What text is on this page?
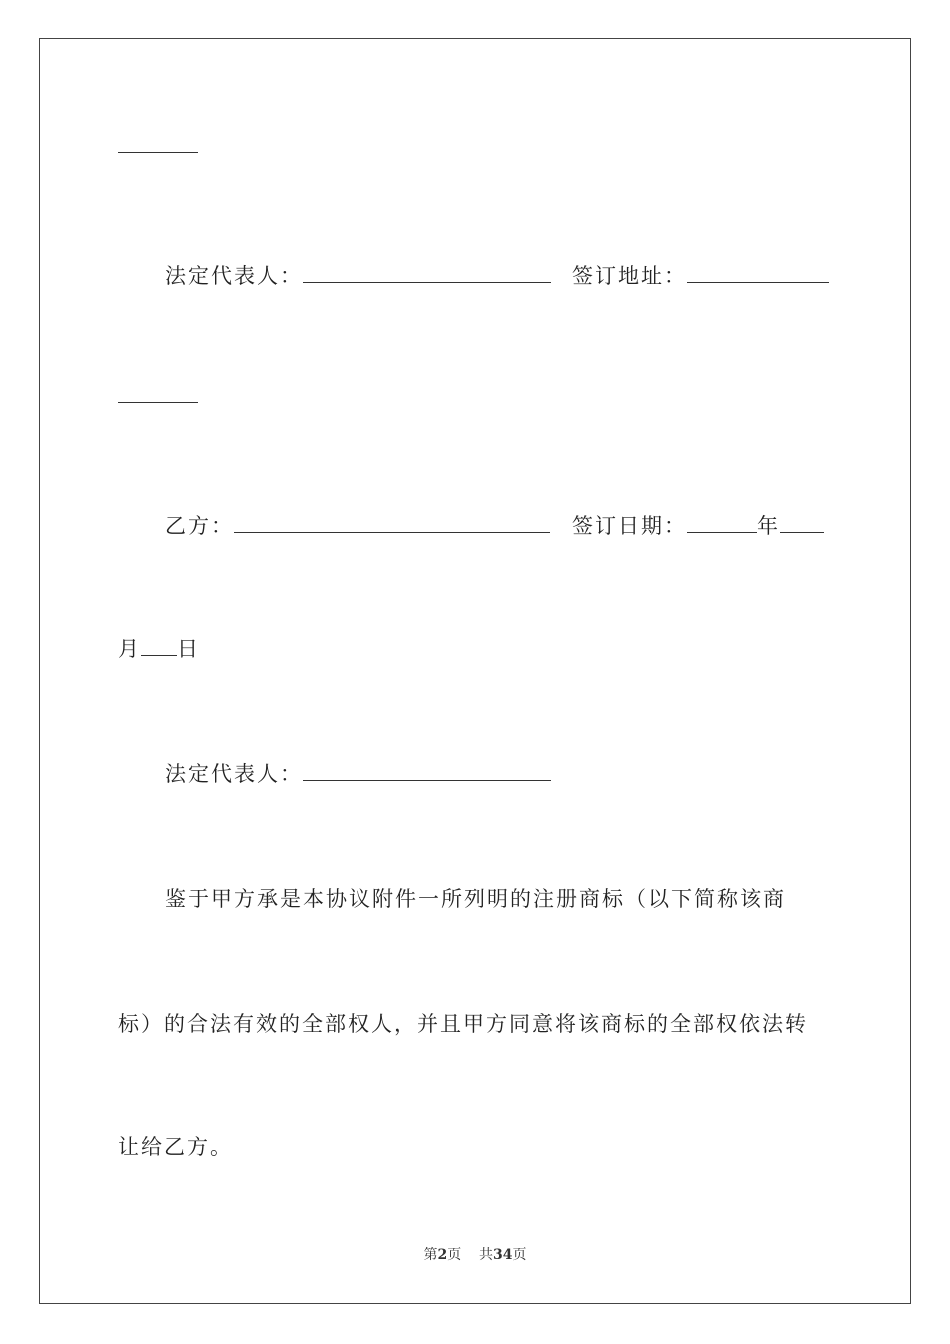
法定代表人：	签订地址：
乙方：	签订日期：	年
月 日
法定代表人：
鉴于甲方承是本协议附件一所列明的注册商标（以下简称该商
标）的合法有效的全部权人，并且甲方同意将该商标的全部权依法转
让给乙方。
第2页 共34页
